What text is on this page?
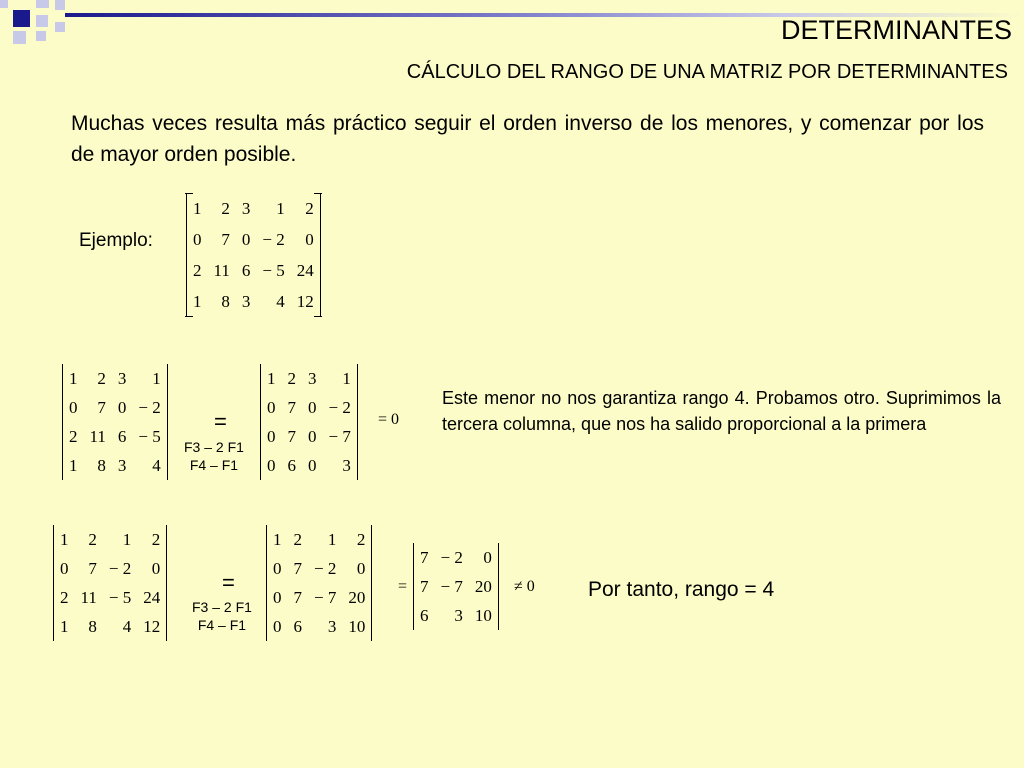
DETERMINANTES
CÁLCULO DEL RANGO DE UNA MATRIZ POR DETERMINANTES
Muchas veces resulta más práctico seguir el orden inverso de los menores, y comenzar por los de mayor orden posible.
Ejemplo:
1	2	3	1	2
0	7	0	− 2	0
2	11	6	− 5	24
1	8	3	4	12
1	2	3	1
0	7	0	− 2
2	11	6	− 5
1	8	3	4
=
F3 – 2 F1
F4 – F1
1	2	3	1
0	7	0	− 2
0	7	0	− 7
0	6	0	3
= 0
Este menor no nos garantiza rango 4. Probamos otro. Suprimimos la tercera columna, que nos ha salido proporcional a la primera
1	2	1	2
0	7	− 2	0
2	11	− 5	24
1	8	4	12
=
F3 – 2 F1
F4 – F1
1	2	1	2
0	7	− 2	0
0	7	− 7	20
0	6	3	10
=
7	− 2	0
7	− 7	20
6	3	10
≠ 0	Por tanto, rango = 4
